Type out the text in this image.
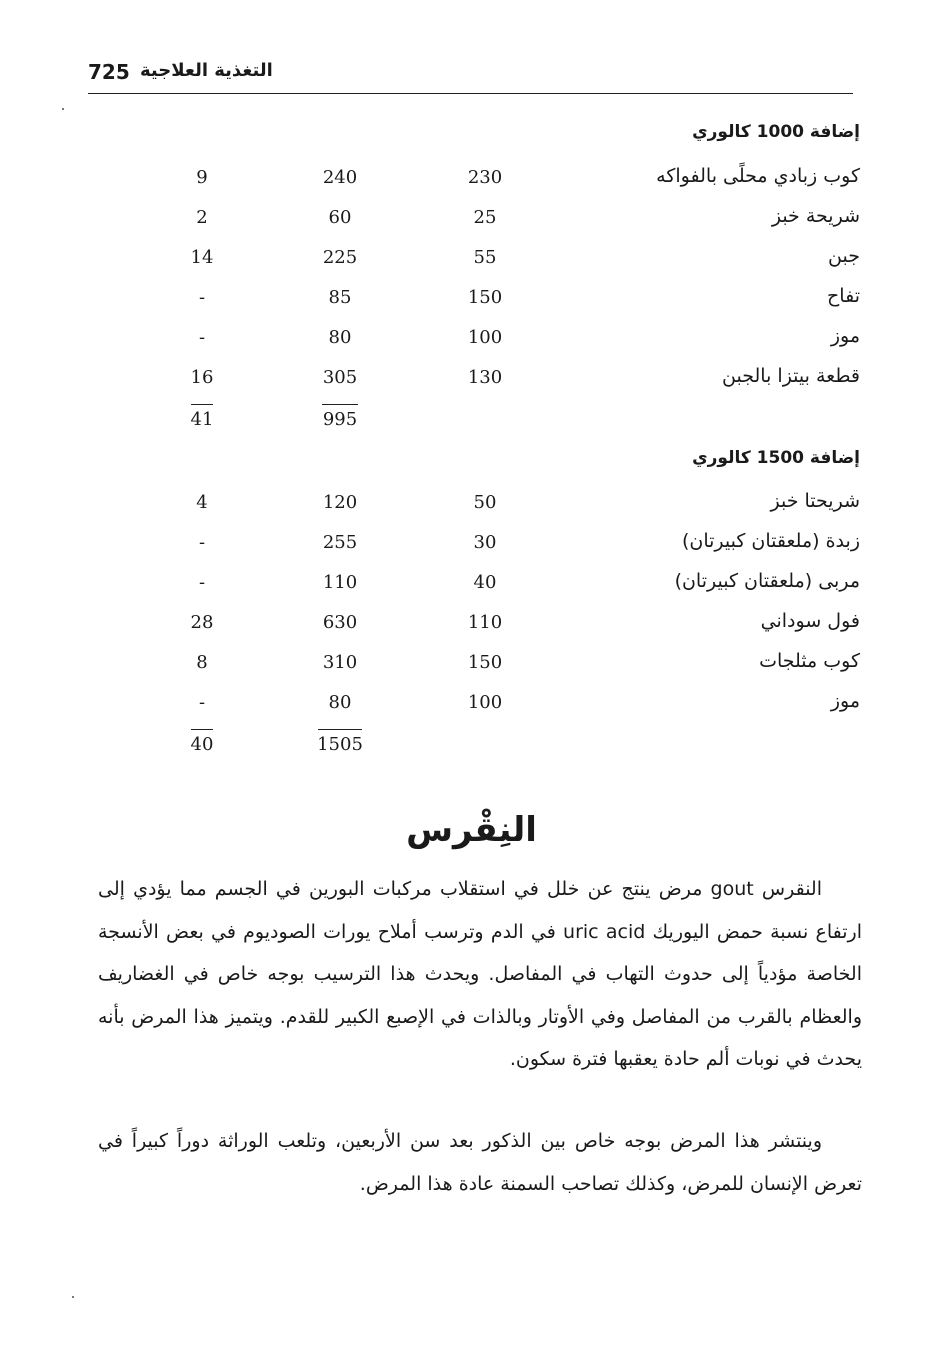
725 التغذية العلاجية
إضافة 1000 كالوري
كوب زبادي محلًى بالفواكه
230
240
9
شريحة خبز
25
60
2
جبن
55
225
14
تفاح
150
85
-
موز
100
80
-
قطعة بيتزا بالجبن
130
305
16
995
41
إضافة 1500 كالوري
شريحتا خبز
50
120
4
زبدة (ملعقتان كبيرتان)
30
255
-
مربى (ملعقتان كبيرتان)
40
110
-
فول سوداني
110
630
28
كوب مثلجات
150
310
8
موز
100
80
-
1505
40
النِقْرس
النقرس gout مرض ينتج عن خلل في استقلاب مركبات البورين في الجسم مما يؤدي إلى ارتفاع نسبة حمض اليوريك uric acid في الدم وترسب أملاح يورات الصوديوم في بعض الأنسجة الخاصة مؤدياً إلى حدوث التهاب في المفاصل. ويحدث هذا الترسيب بوجه خاص في الغضاريف والعظام بالقرب من المفاصل وفي الأوتار وبالذات في الإصبع الكبير للقدم. ويتميز هذا المرض بأنه يحدث في نوبات ألم حادة يعقبها فترة سكون.
وينتشر هذا المرض بوجه خاص بين الذكور بعد سن الأربعين، وتلعب الوراثة دوراً كبيراً في تعرض الإنسان للمرض، وكذلك تصاحب السمنة عادة هذا المرض.
